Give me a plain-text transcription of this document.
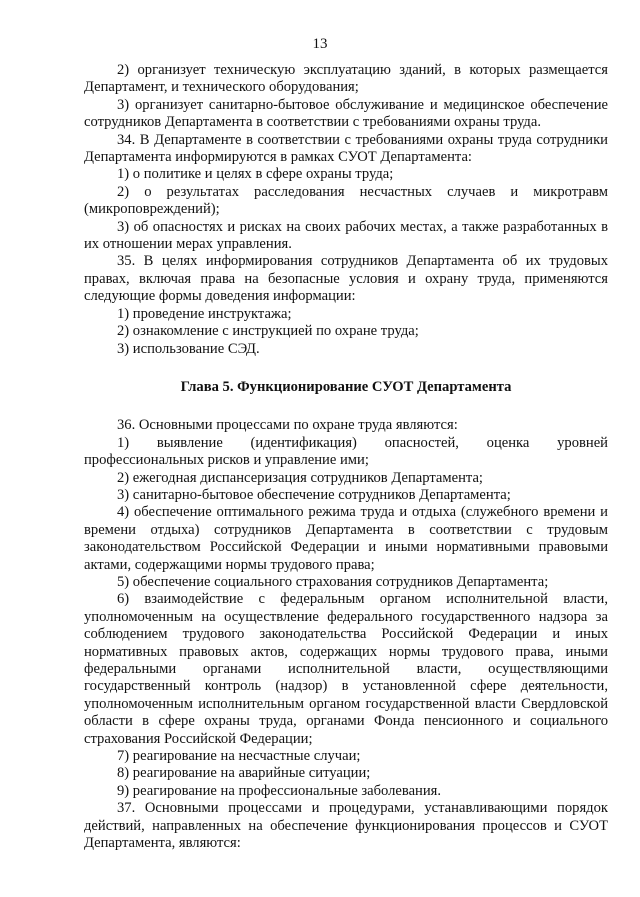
13

2) организует техническую эксплуатацию зданий, в которых размещается Департамент, и технического оборудования;

3) организует санитарно-бытовое обслуживание и медицинское обеспечение сотрудников Департамента в соответствии с требованиями охраны труда.

34. В Департаменте в соответствии с требованиями охраны труда сотрудники Департамента информируются в рамках СУОТ Департамента:

1) о политике и целях в сфере охраны труда;

2) о результатах расследования несчастных случаев и микротравм (микроповреждений);

3) об опасностях и рисках на своих рабочих местах, а также разработанных в их отношении мерах управления.

35. В целях информирования сотрудников Департамента об их трудовых правах, включая права на безопасные условия и охрану труда, применяются следующие формы доведения информации:

1) проведение инструктажа;

2) ознакомление с инструкцией по охране труда;

3) использование СЭД.

Глава 5. Функционирование СУОТ Департамента

36. Основными процессами по охране труда являются:

1) выявление (идентификация) опасностей, оценка уровней профессиональных рисков и управление ими;

2) ежегодная диспансеризация сотрудников Департамента;

3) санитарно-бытовое обеспечение сотрудников Департамента;

4) обеспечение оптимального режима труда и отдыха (служебного времени и времени отдыха) сотрудников Департамента в соответствии с трудовым законодательством Российской Федерации и иными нормативными правовыми актами, содержащими нормы трудового права;

5) обеспечение социального страхования сотрудников Департамента;

6) взаимодействие с федеральным органом исполнительной власти, уполномоченным на осуществление федерального государственного надзора за соблюдением трудового законодательства Российской Федерации и иных нормативных правовых актов, содержащих нормы трудового права, иными федеральными органами исполнительной власти, осуществляющими государственный контроль (надзор) в установленной сфере деятельности, уполномоченным исполнительным органом государственной власти Свердловской области в сфере охраны труда, органами Фонда пенсионного и социального страхования Российской Федерации;

7) реагирование на несчастные случаи;

8) реагирование на аварийные ситуации;

9) реагирование на профессиональные заболевания.

37. Основными процессами и процедурами, устанавливающими порядок действий, направленных на обеспечение функционирования процессов и СУОТ Департамента, являются:
